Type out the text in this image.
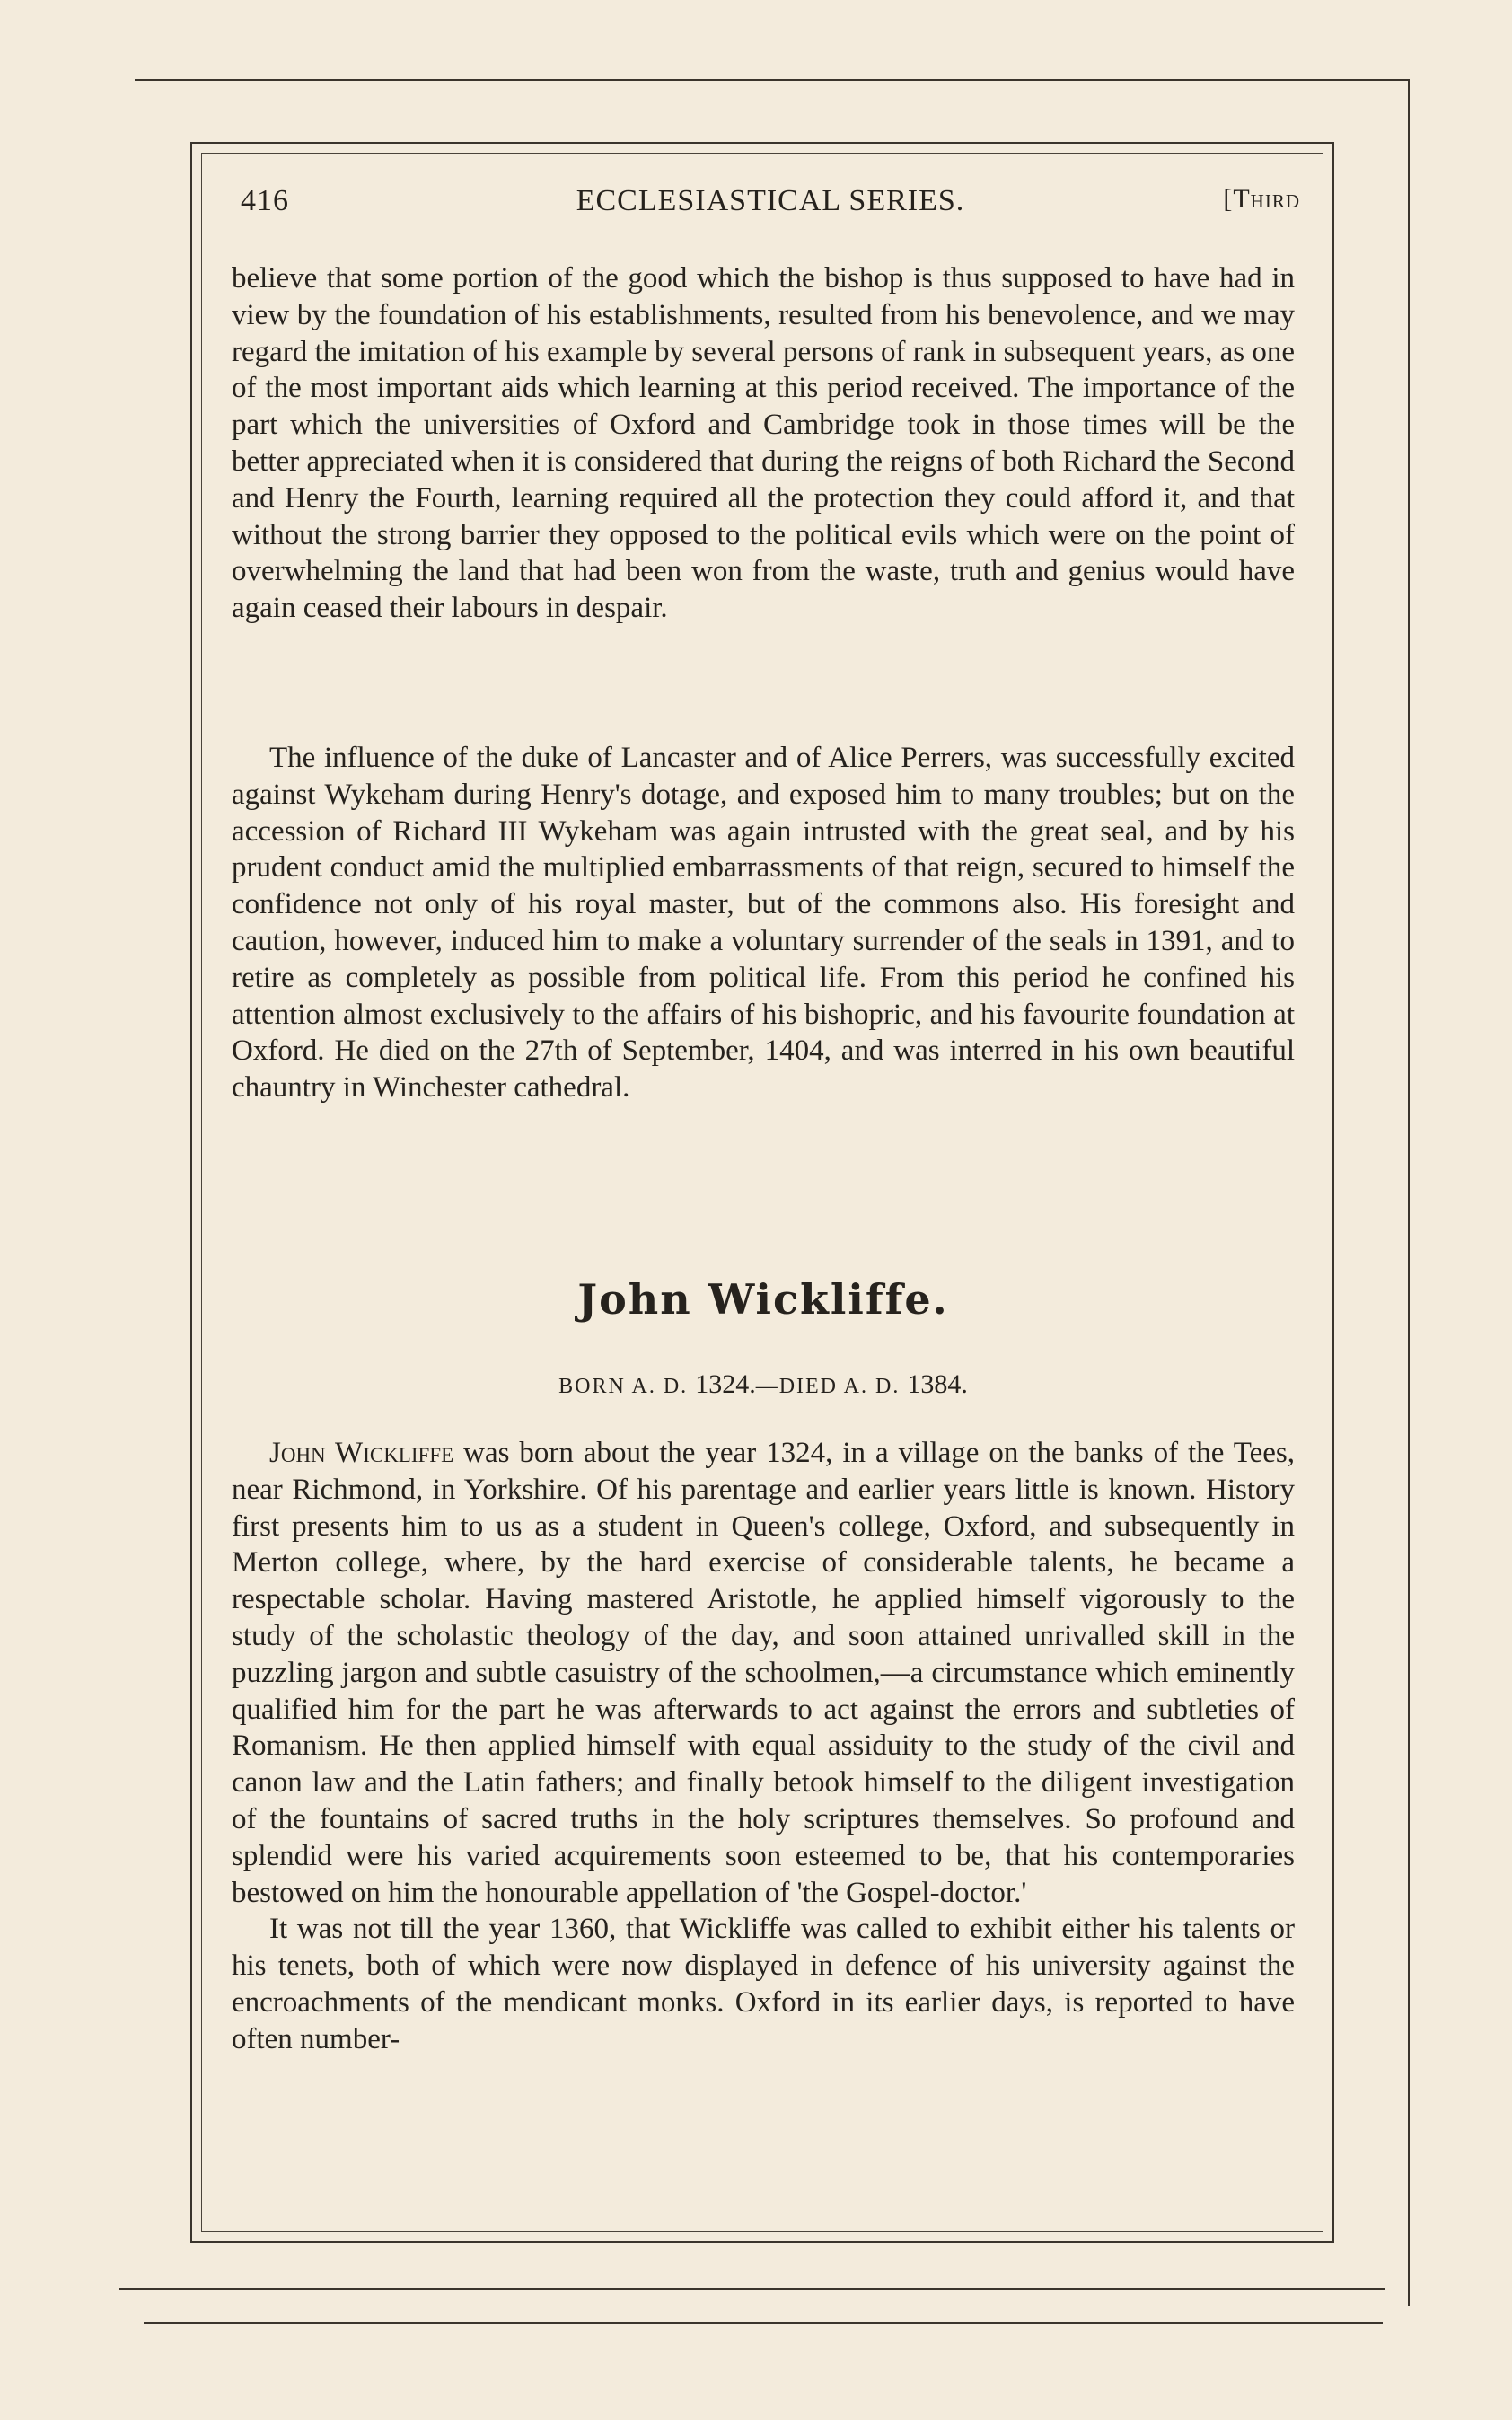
416	ECCLESIASTICAL SERIES.	[Third

believe that some portion of the good which the bishop is thus supposed to have had in view by the foundation of his establishments, resulted from his benevolence, and we may regard the imitation of his example by several persons of rank in subsequent years, as one of the most important aids which learning at this period received. The importance of the part which the universities of Oxford and Cambridge took in those times will be the better appreciated when it is considered that during the reigns of both Richard the Second and Henry the Fourth, learning required all the protection they could afford it, and that without the strong barrier they opposed to the political evils which were on the point of overwhelming the land that had been won from the waste, truth and genius would have again ceased their labours in despair.

The influence of the duke of Lancaster and of Alice Perrers, was successfully excited against Wykeham during Henry's dotage, and exposed him to many troubles; but on the accession of Richard III Wykeham was again intrusted with the great seal, and by his prudent conduct amid the multiplied embarrassments of that reign, secured to himself the confidence not only of his royal master, but of the commons also. His foresight and caution, however, induced him to make a voluntary surrender of the seals in 1391, and to retire as completely as possible from political life. From this period he confined his attention almost exclusively to the affairs of his bishopric, and his favourite foundation at Oxford. He died on the 27th of September, 1404, and was interred in his own beautiful chauntry in Winchester cathedral.

John Wickliffe.
BORN A. D. 1324.—DIED A. D. 1384.

John Wickliffe was born about the year 1324, in a village on the banks of the Tees, near Richmond, in Yorkshire. Of his parentage and earlier years little is known. History first presents him to us as a student in Queen's college, Oxford, and subsequently in Merton college, where, by the hard exercise of considerable talents, he became a respectable scholar. Having mastered Aristotle, he applied himself vigorously to the study of the scholastic theology of the day, and soon attained unrivalled skill in the puzzling jargon and subtle casuistry of the schoolmen,—a circumstance which eminently qualified him for the part he was afterwards to act against the errors and subtleties of Romanism. He then applied himself with equal assiduity to the study of the civil and canon law and the Latin fathers; and finally betook himself to the diligent investigation of the fountains of sacred truths in the holy scriptures themselves. So profound and splendid were his varied acquirements soon esteemed to be, that his contemporaries bestowed on him the honourable appellation of 'the Gospel-doctor.'

It was not till the year 1360, that Wickliffe was called to exhibit either his talents or his tenets, both of which were now displayed in defence of his university against the encroachments of the mendicant monks. Oxford in its earlier days, is reported to have often number-
